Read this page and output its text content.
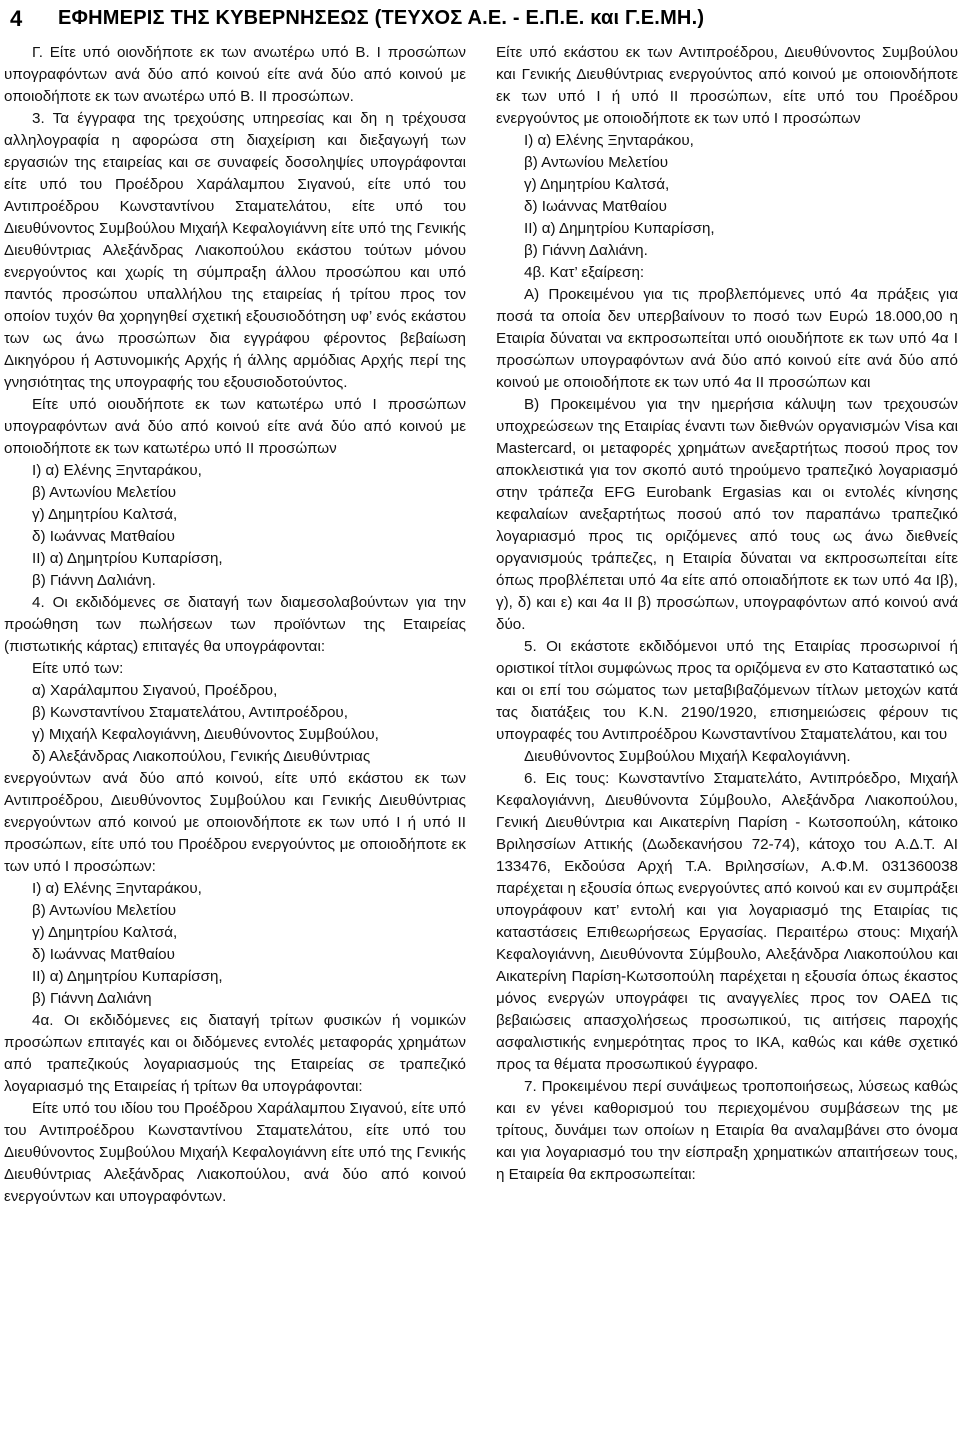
4 ΕΦΗΜΕΡΙΣ ΤΗΣ ΚΥΒΕΡΝΗΣΕΩΣ (ΤΕΥΧΟΣ Α.Ε. - Ε.Π.Ε. και Γ.Ε.ΜΗ.)

Γ. Είτε υπό οιονδήποτε εκ των ανωτέρω υπό Β. Ι προσώπων υπογραφόντων ανά δύο από κοινού είτε ανά δύο από κοινού με οποιοδήποτε εκ των ανωτέρω υπό Β. ΙΙ προσώπων.

3. Τα έγγραφα της τρεχούσης υπηρεσίας και δη η τρέχουσα αλληλογραφία η αφορώσα στη διαχείριση και διεξαγωγή των εργασιών της εταιρείας και σε συναφείς δοσοληψίες υπογράφονται είτε υπό του Προέδρου Χαράλαμπου Σιγανού, είτε υπό του Αντιπροέδρου Κωνσταντίνου Σταματελάτου, είτε υπό του Διευθύνοντος Συμβούλου Μιχαήλ Κεφαλογιάννη είτε υπό της Γενικής Διευθύντριας Αλεξάνδρας Λιακοπούλου εκάστου τούτων μόνου ενεργούντος και χωρίς τη σύμπραξη άλλου προσώπου και υπό παντός προσώπου υπαλλήλου της εταιρείας ή τρίτου προς τον οποίον τυχόν θα χορηγηθεί σχετική εξουσιοδότηση υφ’ ενός εκάστου των ως άνω προσώπων δια εγγράφου φέροντος βεβαίωση Δικηγόρου ή Αστυνομικής Αρχής ή άλλης αρμόδιας Αρχής περί της γνησιότητας της υπογραφής του εξουσιοδοτούντος.

Είτε υπό οιουδήποτε εκ των κατωτέρω υπό Ι προσώπων υπογραφόντων ανά δύο από κοινού είτε ανά δύο από κοινού με οποιοδήποτε εκ των κατωτέρω υπό ΙΙ προσώπων

Ι) α) Ελένης Ξηνταράκου,

β) Αντωνίου Μελετίου

γ) Δημητρίου Καλτσά,

δ) Ιωάννας Ματθαίου

ΙΙ) α) Δημητρίου Κυπαρίσση,

β) Γιάννη Δαλιάνη.

4. Οι εκδιδόμενες σε διαταγή των διαμεσολαβούντων για την προώθηση των πωλήσεων των προϊόντων της Εταιρείας (πιστωτικής κάρτας) επιταγές θα υπογράφονται:

Είτε υπό των:

α) Χαράλαμπου Σιγανού, Προέδρου,

β) Κωνσταντίνου Σταματελάτου, Αντιπροέδρου,

γ) Μιχαήλ Κεφαλογιάννη, Διευθύνοντος Συμβούλου,

δ) Αλεξάνδρας Λιακοπούλου, Γενικής Διευθύντριας

ενεργούντων ανά δύο από κοινού, είτε υπό εκάστου εκ των Αντιπροέδρου, Διευθύνοντος Συμβούλου και Γενικής Διευθύντριας ενεργούντων από κοινού με οποιονδήποτε εκ των υπό Ι ή υπό ΙΙ προσώπων, είτε υπό του Προέδρου ενεργούντος με οποιοδήποτε εκ των υπό Ι προσώπων:

Ι) α) Ελένης Ξηνταράκου,

β) Αντωνίου Μελετίου

γ) Δημητρίου Καλτσά,

δ) Ιωάννας Ματθαίου

ΙΙ) α) Δημητρίου Κυπαρίσση,

β) Γιάννη Δαλιάνη

4α. Οι εκδιδόμενες εις διαταγή τρίτων φυσικών ή νομικών προσώπων επιταγές και οι διδόμενες εντολές μεταφοράς χρημάτων από τραπεζικούς λογαριασμούς της Εταιρείας σε τραπεζικό λογαριασμό της Εταιρείας ή τρίτων θα υπογράφονται:

Είτε υπό του ιδίου του Προέδρου Χαράλαμπου Σιγανού, είτε υπό του Αντιπροέδρου Κωνσταντίνου Σταματελάτου, είτε υπό του Διευθύνοντος Συμβούλου Μιχαήλ Κεφαλογιάννη είτε υπό της Γενικής Διευθύντριας Αλεξάνδρας Λιακοπούλου, ανά δύο από κοινού ενεργούντων και υπογραφόντων.

Είτε υπό εκάστου εκ των Αντιπροέδρου, Διευθύνοντος Συμβούλου και Γενικής Διευθύντριας ενεργούντος από κοινού με οποιονδήποτε εκ των υπό Ι ή υπό ΙΙ προσώπων, είτε υπό του Προέδρου ενεργούντος με οποιοδήποτε εκ των υπό Ι προσώπων

Ι) α) Ελένης Ξηνταράκου,

β) Αντωνίου Μελετίου

γ) Δημητρίου Καλτσά,

δ) Ιωάννας Ματθαίου

ΙΙ) α) Δημητρίου Κυπαρίσση,

β) Γιάννη Δαλιάνη.

4β. Κατ’ εξαίρεση:

Α) Προκειμένου για τις προβλεπόμενες υπό 4α πράξεις για ποσά τα οποία δεν υπερβαίνουν το ποσό των Ευρώ 18.000,00 η Εταιρία δύναται να εκπροσωπείται υπό οιουδήποτε εκ των υπό 4α Ι προσώπων υπογραφόντων ανά δύο από κοινού είτε ανά δύο από κοινού με οποιοδήποτε εκ των υπό 4α ΙΙ προσώπων και

Β) Προκειμένου για την ημερήσια κάλυψη των τρεχουσών υποχρεώσεων της Εταιρίας έναντι των διεθνών οργανισμών Visa και Mastercard, οι μεταφορές χρημάτων ανεξαρτήτως ποσού προς τον αποκλειστικά για τον σκοπό αυτό τηρούμενο τραπεζικό λογαριασμό στην τράπεζα EFG Eurobank Ergasias και οι εντολές κίνησης κεφαλαίων ανεξαρτήτως ποσού από τον παραπάνω τραπεζικό λογαριασμό προς τις οριζόμενες από τους ως άνω διεθνείς οργανισμούς τράπεζες, η Εταιρία δύναται να εκπροσωπείται είτε όπως προβλέπεται υπό 4α είτε από οποιαδήποτε εκ των υπό 4α Ιβ), γ), δ) και ε) και 4α ΙΙ β) προσώπων, υπογραφόντων από κοινού ανά δύο.

5. Οι εκάστοτε εκδιδόμενοι υπό της Εταιρίας προσωρινοί ή οριστικοί τίτλοι συμφώνως προς τα οριζόμενα εν στο Καταστατικό ως και οι επί του σώματος των μεταβιβαζόμενων τίτλων μετοχών κατά τας διατάξεις του Κ.Ν. 2190/1920, επισημειώσεις φέρουν τις υπογραφές του Αντιπροέδρου Κωνσταντίνου Σταματελάτου, και του

Διευθύνοντος Συμβούλου Μιχαήλ Κεφαλογιάννη.

6. Εις τους: Κωνσταντίνο Σταματελάτο, Αντιπρόεδρο, Μιχαήλ Κεφαλογιάννη, Διευθύνοντα Σύμβουλο, Αλεξάνδρα Λιακοπούλου, Γενική Διευθύντρια και Αικατερίνη Παρίση - Κωτσοπούλη, κάτοικο Βριλησσίων Αττικής (Δωδεκανήσου 72-74), κάτοχο του Α.Δ.Τ. ΑΙ 133476, Εκδούσα Αρχή Τ.Α. Βριλησσίων, Α.Φ.Μ. 031360038 παρέχεται η εξουσία όπως ενεργούντες από κοινού και εν συμπράξει υπογράφουν κατ’ εντολή και για λογαριασμό της Εταιρίας τις καταστάσεις Επιθεωρήσεως Εργασίας. Περαιτέρω στους: Μιχαήλ Κεφαλογιάννη, Διευθύνοντα Σύμβουλο, Αλεξάνδρα Λιακοπούλου και Αικατερίνη Παρίση-Κωτσοπούλη παρέχεται η εξουσία όπως έκαστος μόνος ενεργών υπογράφει τις αναγγελίες προς τον ΟΑΕΔ τις βεβαιώσεις απασχολήσεως προσωπικού, τις αιτήσεις παροχής ασφαλιστικής ενημερότητας προς το ΙΚΑ, καθώς και κάθε σχετικό προς τα θέματα προσωπικού έγγραφο.

7. Προκειμένου περί συνάψεως τροποποιήσεως, λύσεως καθώς και εν γένει καθορισμού του περιεχομένου συμβάσεων της με τρίτους, δυνάμει των οποίων η Εταιρία θα αναλαμβάνει στο όνομα και για λογαριασμό του την είσπραξη χρηματικών απαιτήσεων τους, η Εταιρεία θα εκπροσωπείται:
